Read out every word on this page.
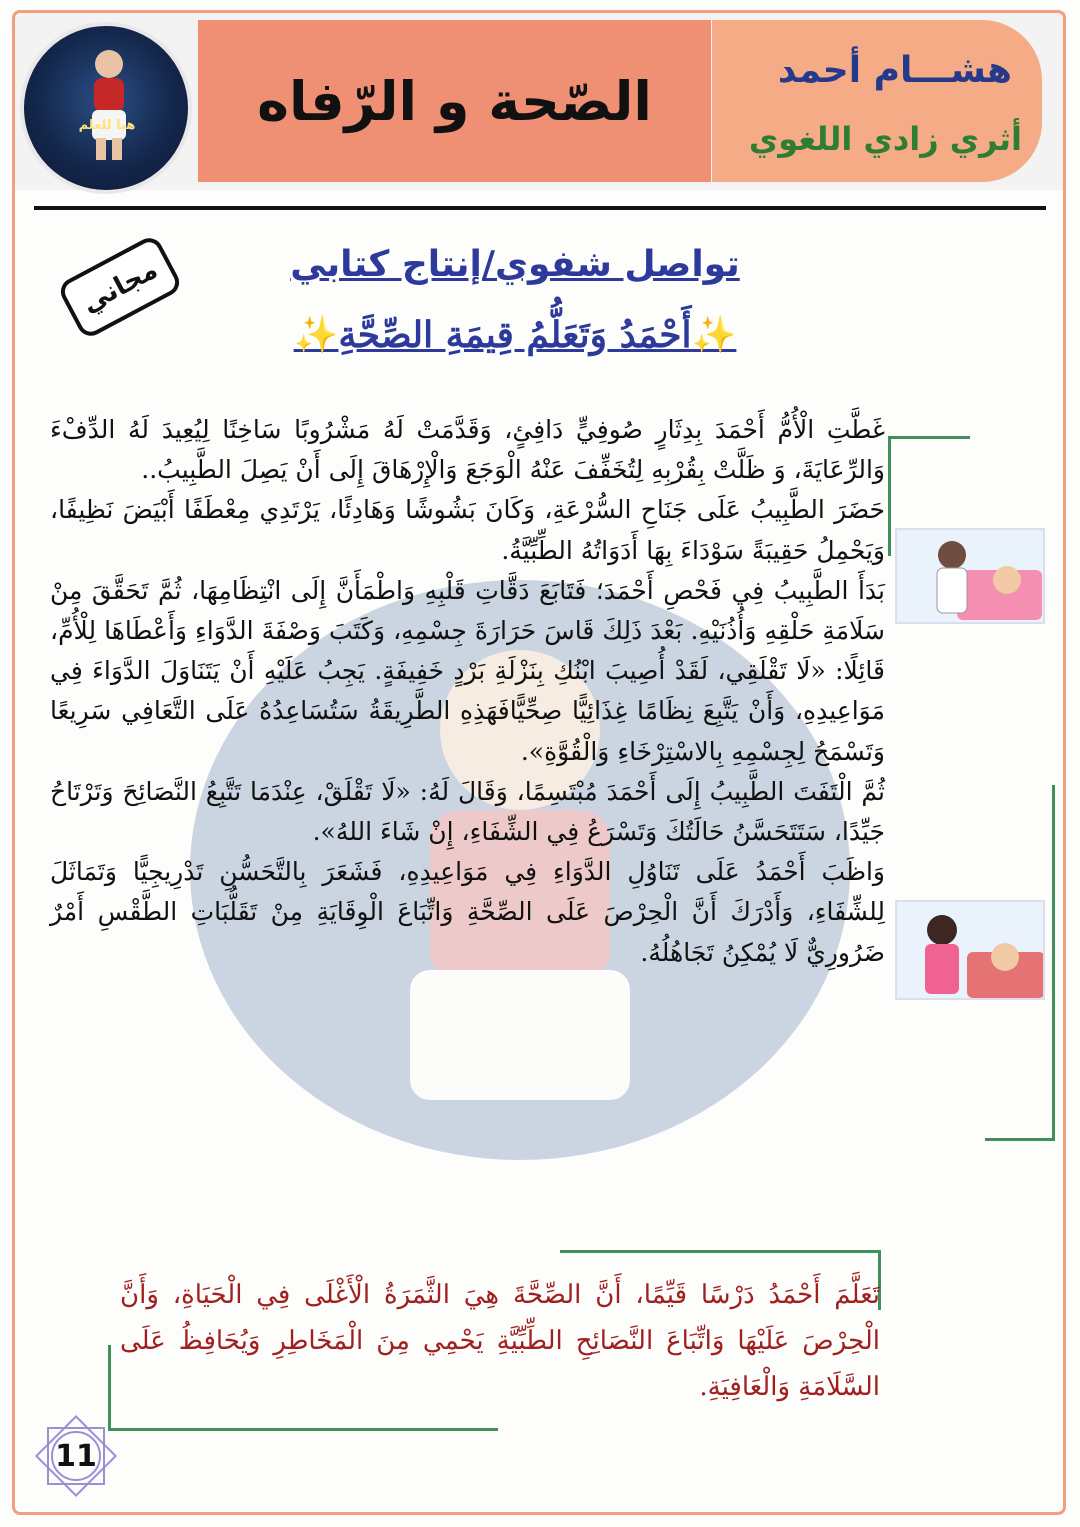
هيا للعلم	الصّحة و الرّفاه	هشـــام أحمد
أثري زادي اللغوي
مجاني	تواصل شفوي/إنتاج كتابي
✨أَحْمَدُ وَتَعَلُّمُ قِيمَةِ الصِّحَّةِ✨

غَطَّتِ الْأُمُّ أَحْمَدَ بِدِثَارٍ صُوفِيٍّ دَافِئٍ، وَقَدَّمَتْ لَهُ مَشْرُوبًا سَاخِنًا لِيُعِيدَ لَهُ الدِّفْءَ وَالرِّعَايَةَ، وَ ظَلَّتْ بِقُرْبِهِ لِتُخَفِّفَ عَنْهُ الْوَجَعَ وَالْإِرْهَاقَ إِلَى أَنْ يَصِلَ الطَّبِيبُ..

حَضَرَ الطَّبِيبُ عَلَى جَنَاحِ السُّرْعَةِ، وَكَانَ بَشُوشًا وَهَادِئًا، يَرْتَدِي مِعْطَفًا أَبْيَضَ نَظِيفًا، وَيَحْمِلُ حَقِيبَةً سَوْدَاءَ بِهَا أَدَوَاتُهُ الطِّبِّيَّةُ.

بَدَأَ الطَّبِيبُ فِي فَحْصِ أَحْمَدَ؛ فَتَابَعَ دَقَّاتِ قَلْبِهِ وَاطْمَأَنَّ إِلَى انْتِظَامِهَا، ثُمَّ تَحَقَّقَ مِنْ سَلَامَةِ حَلْقِهِ وَأُذُنَيْهِ. بَعْدَ ذَلِكَ قَاسَ حَرَارَةَ جِسْمِهِ، وَكَتَبَ وَصْفَةَ الدَّوَاءِ وَأَعْطَاهَا لِلْأُمِّ، قَائِلًا: «لَا تَقْلَقِي، لَقَدْ أُصِيبَ ابْنُكِ بِنَزْلَةِ بَرْدٍ خَفِيفَةٍ. يَجِبُ عَلَيْهِ أَنْ يَتَنَاوَلَ الدَّوَاءَ فِي مَوَاعِيدِهِ، وَأَنْ يَتَّبِعَ نِظَامًا غِذَائِيًّا صِحِّيًّافَهَذِهِ الطَّرِيقَةُ سَتُسَاعِدُهُ عَلَى التَّعَافِي سَرِيعًا وَتَسْمَحُ لِجِسْمِهِ بِالاسْتِرْخَاءِ وَالْقُوَّةِ».

ثُمَّ الْتَفَتَ الطَّبِيبُ إِلَى أَحْمَدَ مُبْتَسِمًا، وَقَالَ لَهُ: «لَا تَقْلَقْ، عِنْدَمَا تَتَّبِعُ النَّصَائِحَ وَتَرْتَاحُ جَيِّدًا، سَتَتَحَسَّنُ حَالَتُكَ وَتَسْرَعُ فِي الشِّفَاءِ، إِنْ شَاءَ اللهُ».

وَاظَبَ أَحْمَدُ عَلَى تَنَاوُلِ الدَّوَاءِ فِي مَوَاعِيدِهِ، فَشَعَرَ بِالتَّحَسُّنِ تَدْرِيجِيًّا وَتَمَاثَلَ لِلشِّفَاءِ، وَأَدْرَكَ أَنَّ الْحِرْصَ عَلَى الصِّحَّةِ وَاتِّبَاعَ الْوِقَايَةِ مِنْ تَقَلُّبَاتِ الطَّقْسِ أَمْرٌ ضَرُورِيٌّ لَا يُمْكِنُ تَجَاهُلُهُ.

تَعَلَّمَ أَحْمَدُ دَرْسًا قَيِّمًا، أَنَّ الصِّحَّةَ هِيَ الثَّمَرَةُ الْأَغْلَى فِي الْحَيَاةِ، وَأَنَّ الْحِرْصَ عَلَيْهَا وَاتِّبَاعَ النَّصَائِحِ الطِّبِّيَّةِ يَحْمِي مِنَ الْمَخَاطِرِ وَيُحَافِظُ عَلَى السَّلَامَةِ وَالْعَافِيَةِ.

11
